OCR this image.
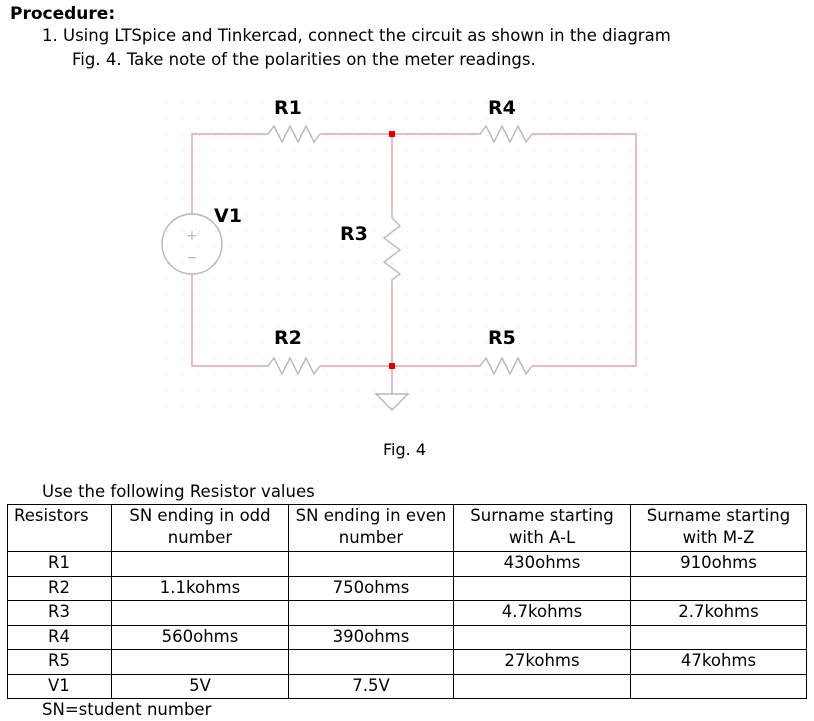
Procedure:
1. Using LTSpice and Tinkercad, connect the circuit as shown in the diagram
Fig. 4. Take note of the polarities on the meter readings.
+
−
R1	R4
V1
R3
R2	R5
Fig. 4
Use the following Resistor values
Resistors	SN ending in odd number	SN ending in even number	Surname starting with A-L	Surname starting with M-Z
R1			430ohms	910ohms
R2	1.1kohms	750ohms		
R3			4.7kohms	2.7kohms
R4	560ohms	390ohms		
R5			27kohms	47kohms
V1	5V	7.5V		
SN=student number
